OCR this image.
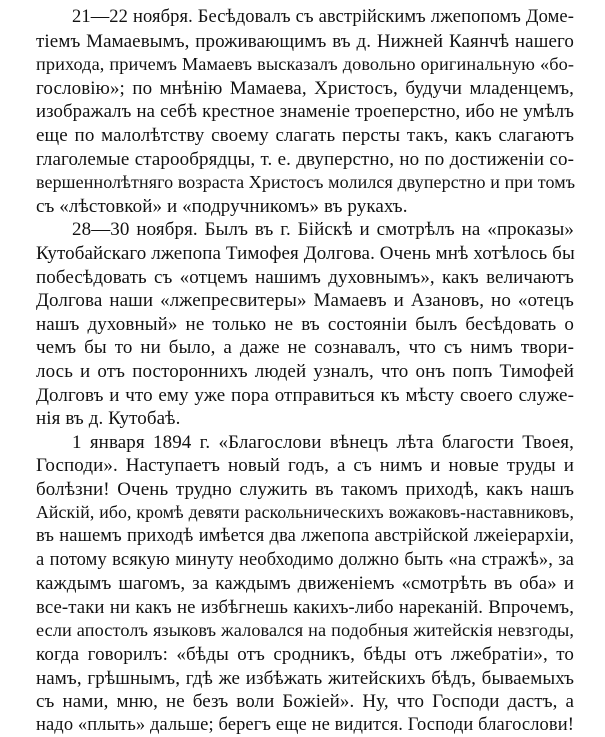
21—22 ноября. Бесѣдовалъ съ австрійскимъ лжепопомъ Доме-
тіемъ Мамаевымъ, проживающимъ въ д. Нижней Каянчѣ нашего
прихода, причемъ Мамаевъ высказалъ довольно оригинальную «бо-
гословію»; по мнѣнію Мамаева, Христосъ, будучи младенцемъ,
изображалъ на себѣ крестное знаменіе троеперстно, ибо не умѣлъ
еще по малолѣтству своему слагать персты такъ, какъ слагаютъ
глаголемые старообрядцы, т. е. двуперстно, но по достиженіи со-
вершеннолѣтняго возраста Христосъ молился двуперстно и при томъ
съ «лѣстовкой» и «подручникомъ» въ рукахъ.
28—30 ноября. Былъ въ г. Бійскѣ и смотрѣлъ на «проказы»
Кутобайскаго лжепопа Тимофея Долгова. Очень мнѣ хотѣлось бы
побесѣдовать съ «отцемъ нашимъ духовнымъ», какъ величаютъ
Долгова наши «лжепресвитеры» Мамаевъ и Азановъ, но «отецъ
нашъ духовный» не только не въ состояніи былъ бесѣдовать о
чемъ бы то ни было, а даже не сознавалъ, что съ нимъ твори-
лось и отъ постороннихъ людей узналъ, что онъ попъ Тимофей
Долговъ и что ему уже пора отправиться къ мѣсту своего служе-
нія въ д. Кутобаѣ.
1 января 1894 г. «Благослови вѣнецъ лѣта благости Твоея,
Господи». Наступаетъ новый годъ, а съ нимъ и новые труды и
болѣзни! Очень трудно служить въ такомъ приходѣ, какъ нашъ
Айскій, ибо, кромѣ девяти раскольническихъ вожаковъ-наставниковъ,
въ нашемъ приходѣ имѣется два лжепопа австрійской лжеіерархіи,
а потому всякую минуту необходимо должно быть «на стражѣ», за
каждымъ шагомъ, за каждымъ движеніемъ «смотрѣть въ оба» и
все-таки ни какъ не избѣгнешь какихъ-либо нареканій. Впрочемъ,
если апостолъ языковъ жаловался на подобныя житейскія невзгоды,
когда говорилъ: «бѣды отъ сродникъ, бѣды отъ лжебратіи», то
намъ, грѣшнымъ, гдѣ же избѣжать житейскихъ бѣдъ, бываемыхъ
съ нами, мню, не безъ воли Божіей». Ну, что Господи дастъ, а
надо «плыть» дальше; берегъ еще не видится. Господи благослови!
